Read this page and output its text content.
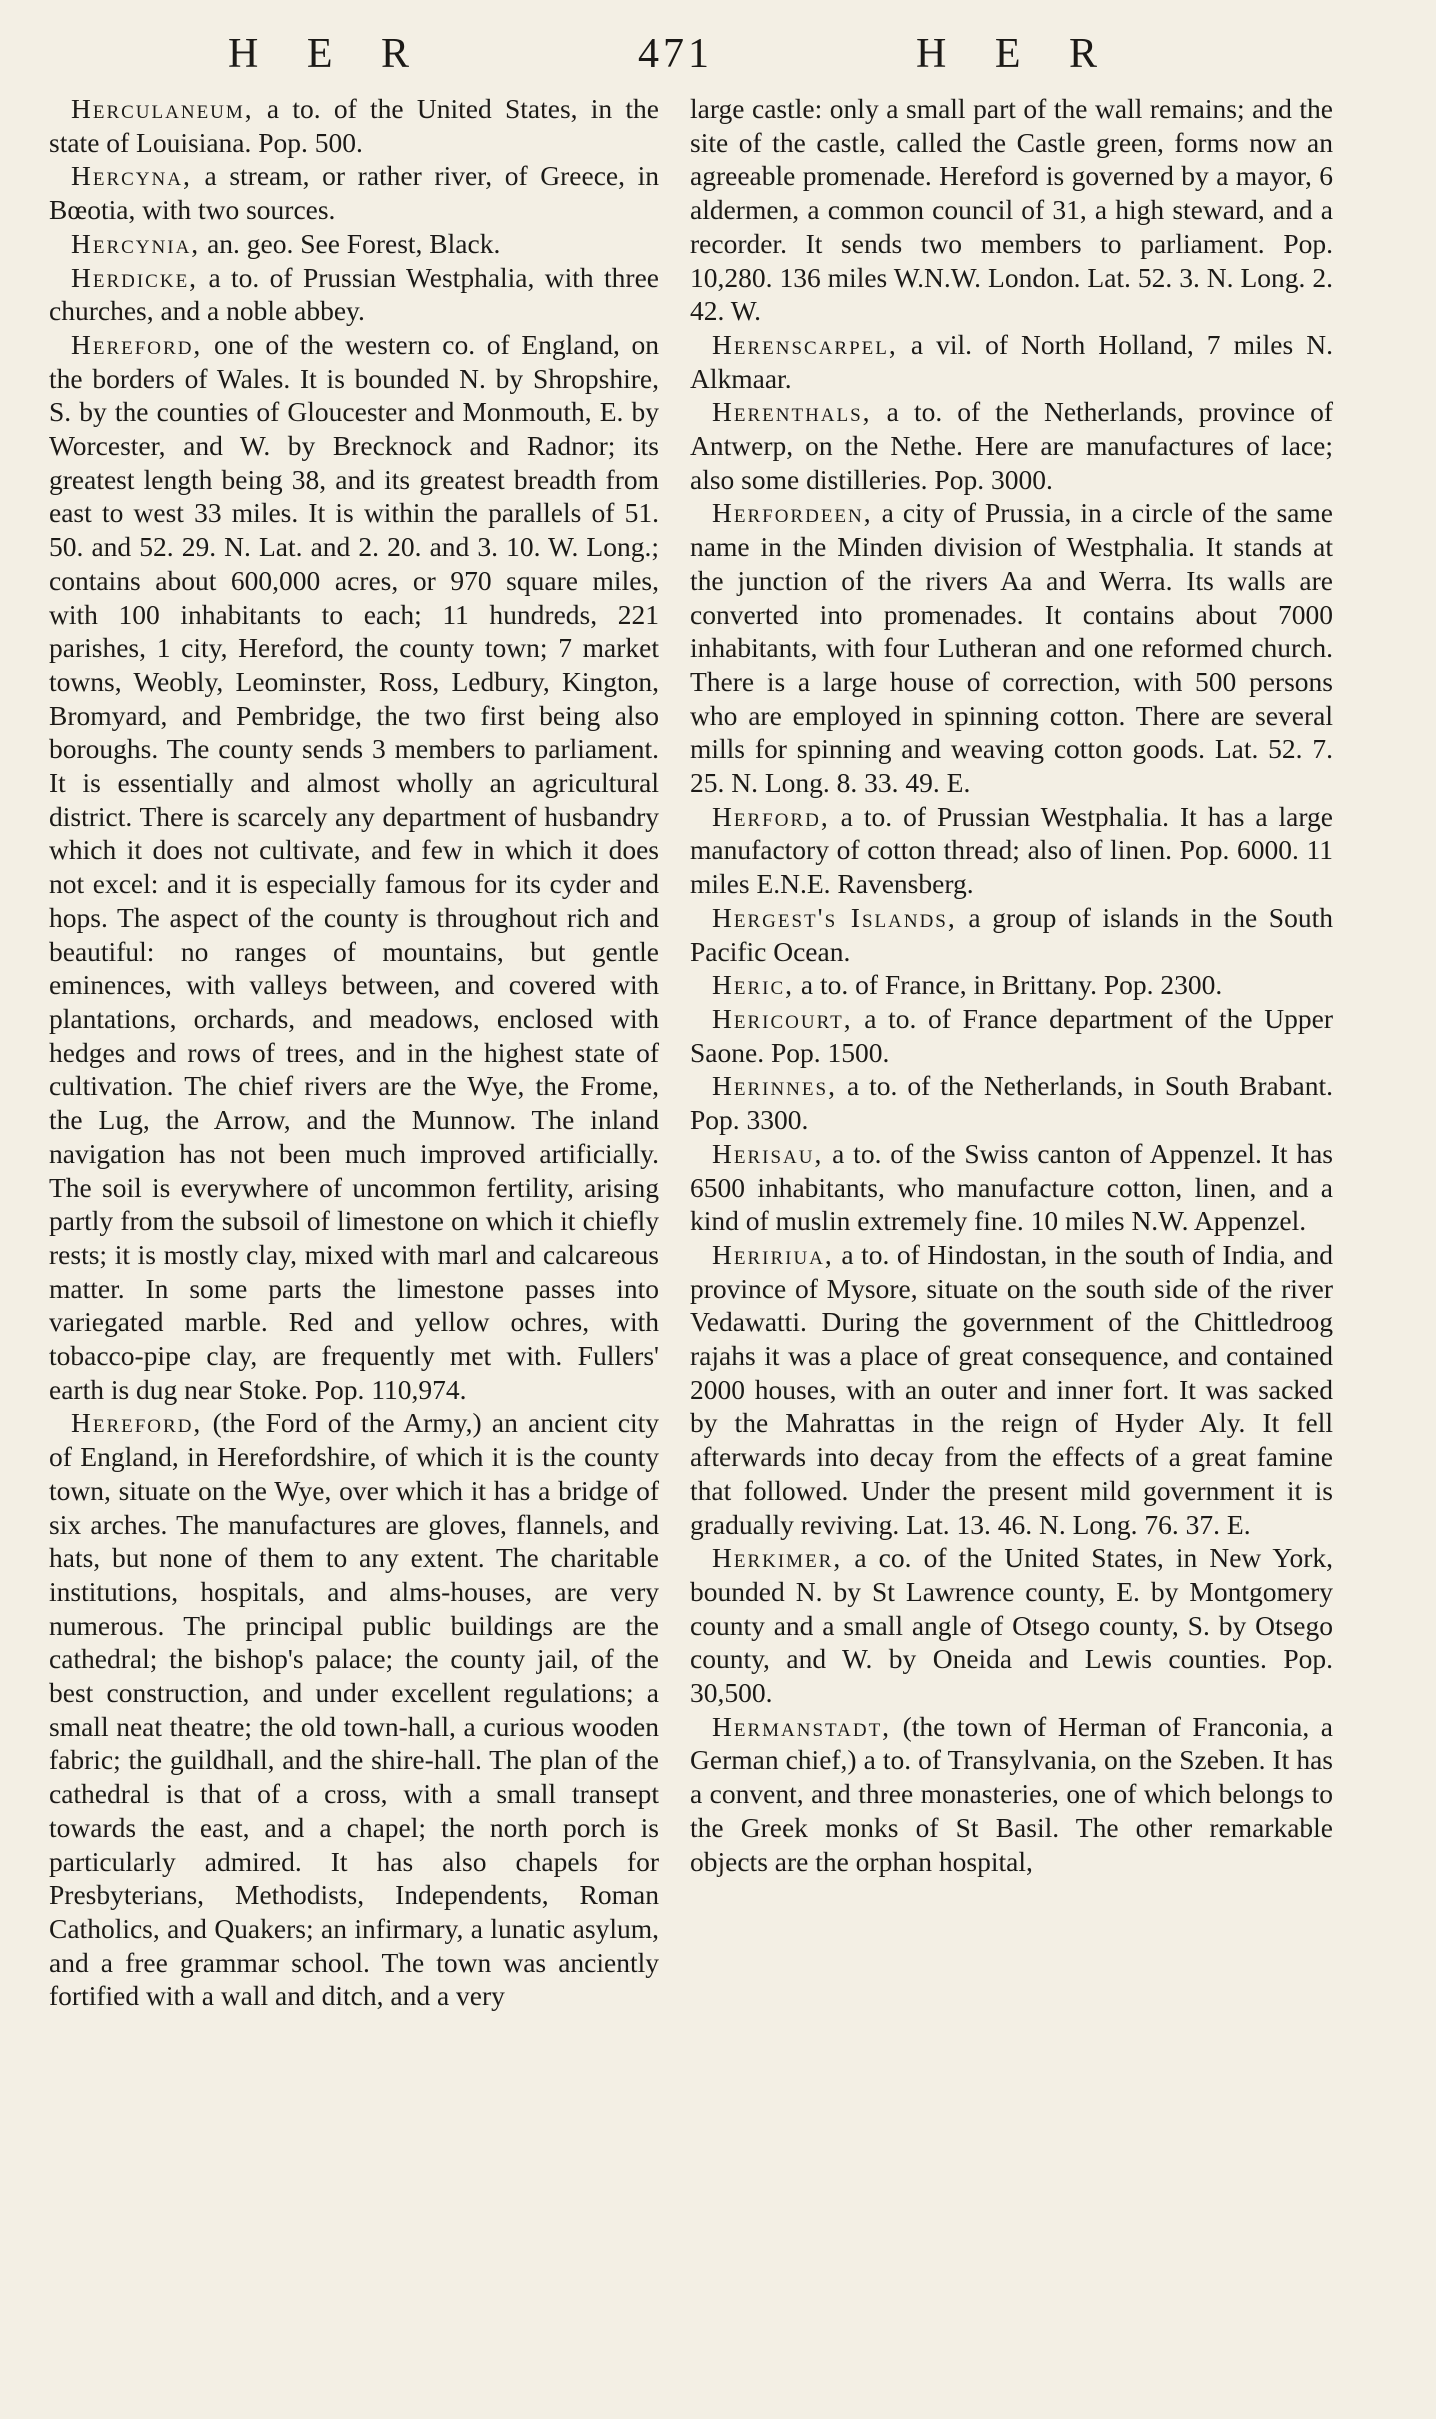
H E R	471	H E R

Herculaneum, a to. of the United States, in the state of Louisiana. Pop. 500.

Hercyna, a stream, or rather river, of Greece, in Bœotia, with two sources.

Hercynia, an. geo. See Forest, Black.

Herdicke, a to. of Prussian Westphalia, with three churches, and a noble abbey.

Hereford, one of the western co. of England, on the borders of Wales. It is bounded N. by Shropshire, S. by the counties of Gloucester and Monmouth, E. by Worcester, and W. by Brecknock and Radnor; its greatest length being 38, and its greatest breadth from east to west 33 miles. It is within the parallels of 51. 50. and 52. 29. N. Lat. and 2. 20. and 3. 10. W. Long.; contains about 600,000 acres, or 970 square miles, with 100 inhabitants to each; 11 hundreds, 221 parishes, 1 city, Hereford, the county town; 7 market towns, Weobly, Leominster, Ross, Ledbury, Kington, Bromyard, and Pembridge, the two first being also boroughs. The county sends 3 members to parliament. It is essentially and almost wholly an agricultural district. There is scarcely any department of husbandry which it does not cultivate, and few in which it does not excel: and it is especially famous for its cyder and hops. The aspect of the county is throughout rich and beautiful: no ranges of mountains, but gentle eminences, with valleys between, and covered with plantations, orchards, and meadows, enclosed with hedges and rows of trees, and in the highest state of cultivation. The chief rivers are the Wye, the Frome, the Lug, the Arrow, and the Munnow. The inland navigation has not been much improved artificially. The soil is everywhere of uncommon fertility, arising partly from the subsoil of limestone on which it chiefly rests; it is mostly clay, mixed with marl and calcareous matter. In some parts the limestone passes into variegated marble. Red and yellow ochres, with tobacco-pipe clay, are frequently met with. Fullers' earth is dug near Stoke. Pop. 110,974.

Hereford, (the Ford of the Army,) an ancient city of England, in Herefordshire, of which it is the county town, situate on the Wye, over which it has a bridge of six arches. The manufactures are gloves, flannels, and hats, but none of them to any extent. The charitable institutions, hospitals, and alms-houses, are very numerous. The principal public buildings are the cathedral; the bishop's palace; the county jail, of the best construction, and under excellent regulations; a small neat theatre; the old town-hall, a curious wooden fabric; the guildhall, and the shire-hall. The plan of the cathedral is that of a cross, with a small transept towards the east, and a chapel; the north porch is particularly admired. It has also chapels for Presbyterians, Methodists, Independents, Roman Catholics, and Quakers; an infirmary, a lunatic asylum, and a free grammar school. The town was anciently fortified with a wall and ditch, and a very

large castle: only a small part of the wall remains; and the site of the castle, called the Castle green, forms now an agreeable promenade. Hereford is governed by a mayor, 6 aldermen, a common council of 31, a high steward, and a recorder. It sends two members to parliament. Pop. 10,280. 136 miles W.N.W. London. Lat. 52. 3. N. Long. 2. 42. W.

Herenscarpel, a vil. of North Holland, 7 miles N. Alkmaar.

Herenthals, a to. of the Netherlands, province of Antwerp, on the Nethe. Here are manufactures of lace; also some distilleries. Pop. 3000.

Herfordeen, a city of Prussia, in a circle of the same name in the Minden division of Westphalia. It stands at the junction of the rivers Aa and Werra. Its walls are converted into promenades. It contains about 7000 inhabitants, with four Lutheran and one reformed church. There is a large house of correction, with 500 persons who are employed in spinning cotton. There are several mills for spinning and weaving cotton goods. Lat. 52. 7. 25. N. Long. 8. 33. 49. E.

Herford, a to. of Prussian Westphalia. It has a large manufactory of cotton thread; also of linen. Pop. 6000. 11 miles E.N.E. Ravensberg.

Hergest's Islands, a group of islands in the South Pacific Ocean.

Heric, a to. of France, in Brittany. Pop. 2300.

Hericourt, a to. of France department of the Upper Saone. Pop. 1500.

Herinnes, a to. of the Netherlands, in South Brabant. Pop. 3300.

Herisau, a to. of the Swiss canton of Appenzel. It has 6500 inhabitants, who manufacture cotton, linen, and a kind of muslin extremely fine. 10 miles N.W. Appenzel.

Heririua, a to. of Hindostan, in the south of India, and province of Mysore, situate on the south side of the river Vedawatti. During the government of the Chittledroog rajahs it was a place of great consequence, and contained 2000 houses, with an outer and inner fort. It was sacked by the Mahrattas in the reign of Hyder Aly. It fell afterwards into decay from the effects of a great famine that followed. Under the present mild government it is gradually reviving. Lat. 13. 46. N. Long. 76. 37. E.

Herkimer, a co. of the United States, in New York, bounded N. by St Lawrence county, E. by Montgomery county and a small angle of Otsego county, S. by Otsego county, and W. by Oneida and Lewis counties. Pop. 30,500.

Hermanstadt, (the town of Herman of Franconia, a German chief,) a to. of Transylvania, on the Szeben. It has a convent, and three monasteries, one of which belongs to the Greek monks of St Basil. The other remarkable objects are the orphan hospital,
